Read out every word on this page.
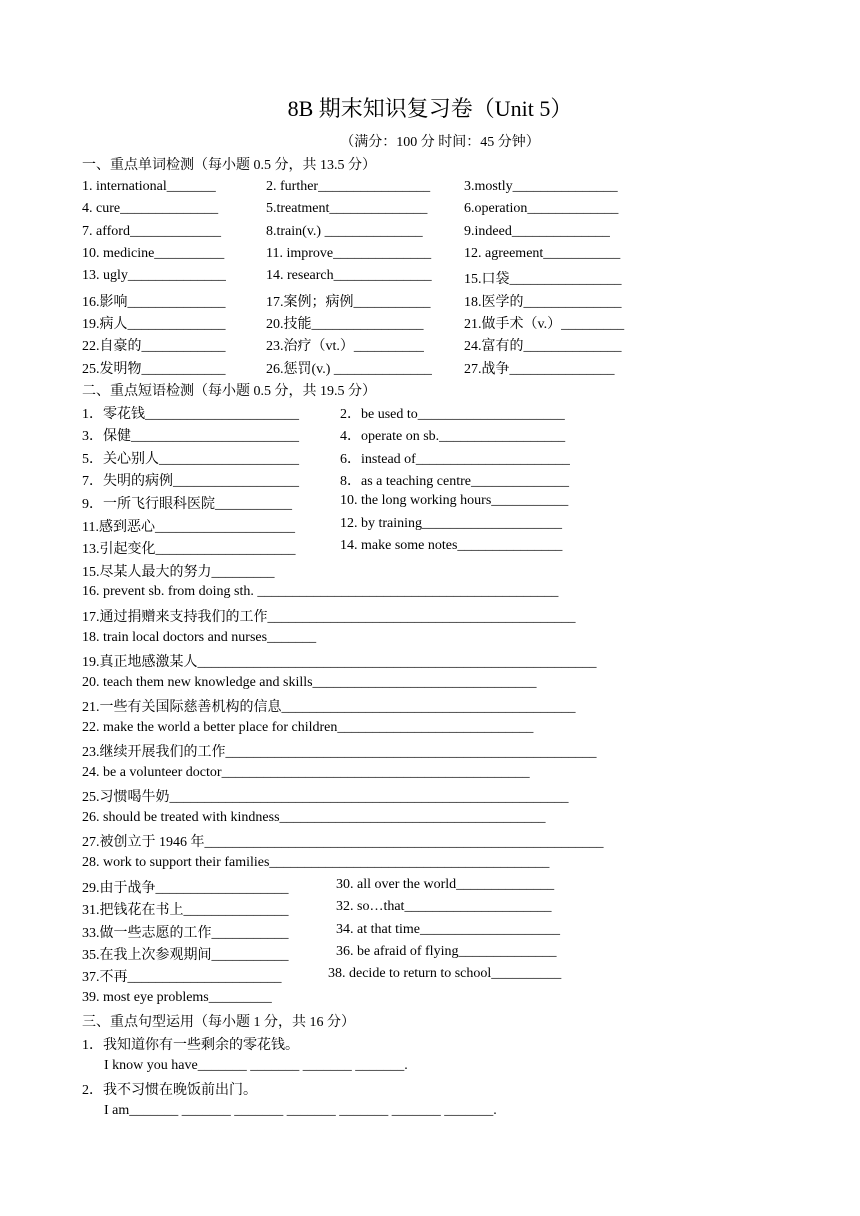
8B 期末知识复习卷（Unit 5）
（满分：100 分 时间：45 分钟）
一、重点单词检测（每小题 0.5 分，共 13.5 分）
1. international_______	2. further________________ 3.mostly_______________
4. cure______________	5.treatment______________	6.operation_____________
7. afford_____________	8.train(v.) ______________	9.indeed______________
10. medicine__________	11. improve______________ 12. agreement___________
13. ugly______________	14. research______________ 15.口袋________________
16.影响______________	17.案例；病例___________ 18.医学的______________
19.病人______________	20.技能________________	21.做手术（v.）_________
22.自豪的____________	23.治疗（vt.）__________	24.富有的______________
25.发明物____________	26.惩罚(v.) ______________ 27.战争_______________
二、重点短语检测（每小题 0.5 分，共 19.5 分）
1．零花钱______________________	2．be used to_____________________
3．保健________________________	4．operate on sb.__________________
5．关心别人____________________	6．instead of______________________
7．失明的病例__________________	8．as a teaching centre______________
9．一所飞行眼科医院___________	10. the long working hours___________
11.感到恶心____________________	12. by training____________________
13.引起变化____________________	14. make some notes_______________
15.尽某人最大的努力_________
16. prevent sb. from doing sth. ___________________________________________
17.通过捐赠来支持我们的工作____________________________________________
18. train local doctors and nurses_______
19.真正地感激某人_________________________________________________________
20. teach them new knowledge and skills________________________________
21.一些有关国际慈善机构的信息__________________________________________
22. make the world a better place for children____________________________
23.继续开展我们的工作_____________________________________________________
24. be a volunteer doctor____________________________________________
25.习惯喝牛奶_________________________________________________________
26. should be treated with kindness______________________________________
27.被创立于 1946 年_________________________________________________________
28. work to support their families________________________________________
29.由于战争___________________	30. all over the world______________
31.把钱花在书上_______________	32. so…that_____________________
33.做一些志愿的工作___________	34. at that time____________________
35.在我上次参观期间___________	36. be afraid of flying______________
37.不再______________________	38. decide to return to school__________
39. most eye problems_________
三、重点句型运用（每小题 1 分，共 16 分）
1．我知道你有一些剩余的零花钱。
I know you have_______ _______ _______ _______.
2．我不习惯在晚饭前出门。
I am_______ _______ _______ _______ _______ _______ _______.
